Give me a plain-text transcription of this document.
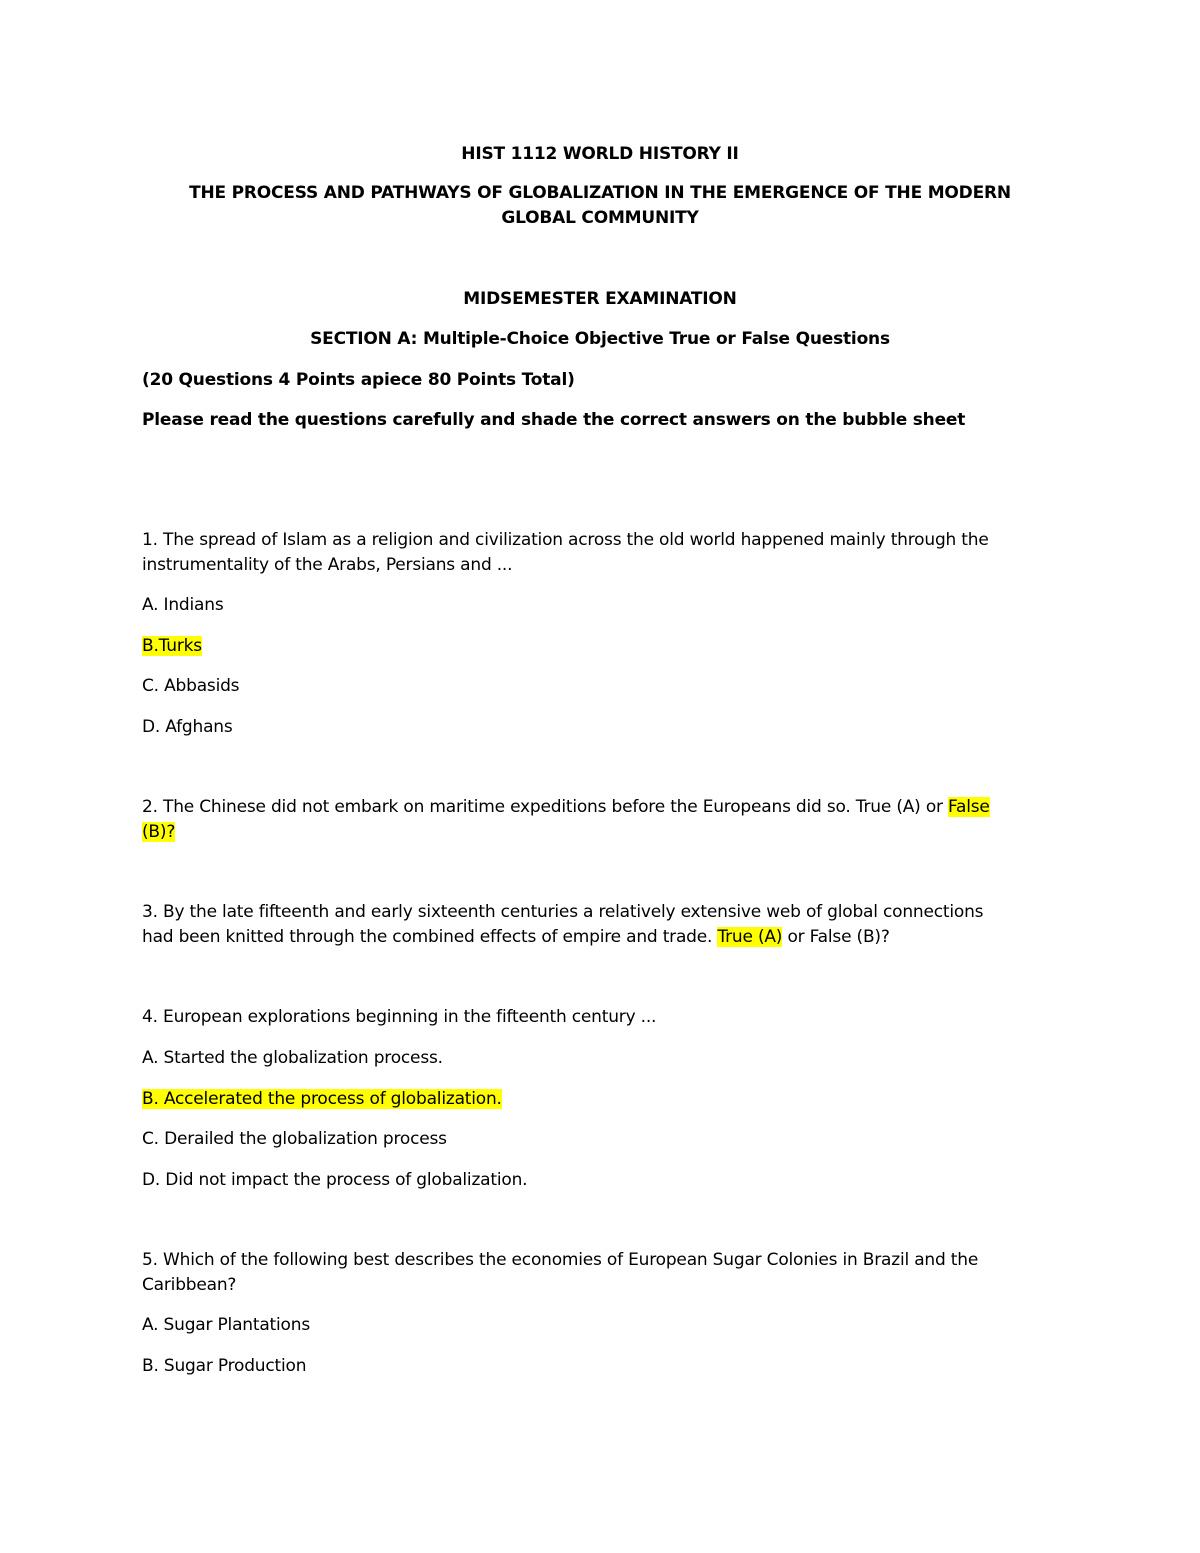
HIST 1112 WORLD HISTORY II
THE PROCESS AND PATHWAYS OF GLOBALIZATION IN THE EMERGENCE OF THE MODERN
GLOBAL COMMUNITY
MIDSEMESTER EXAMINATION
SECTION A: Multiple-Choice Objective True or False Questions
(20 Questions 4 Points apiece 80 Points Total)
Please read the questions carefully and shade the correct answers on the bubble sheet
1. The spread of Islam as a religion and civilization across the old world happened mainly through the
instrumentality of the Arabs, Persians and ...
A. Indians
B.Turks
C. Abbasids
D. Afghans
2. The Chinese did not embark on maritime expeditions before the Europeans did so. True (A) or False
(B)?
3. By the late fifteenth and early sixteenth centuries a relatively extensive web of global connections
had been knitted through the combined effects of empire and trade. True (A) or False (B)?
4. European explorations beginning in the fifteenth century ...
A. Started the globalization process.
B. Accelerated the process of globalization.
C. Derailed the globalization process
D. Did not impact the process of globalization.
5. Which of the following best describes the economies of European Sugar Colonies in Brazil and the
Caribbean?
A. Sugar Plantations
B. Sugar Production
